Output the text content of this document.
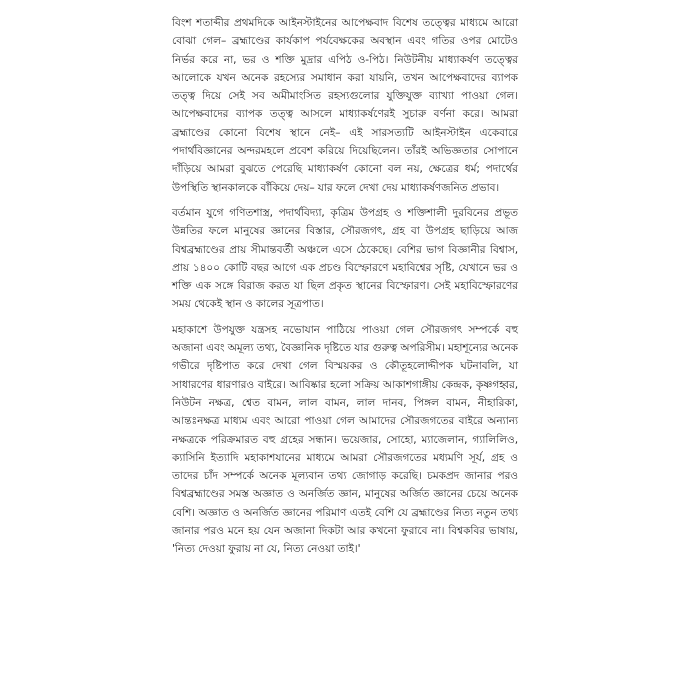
বিংশ শতাব্দীর প্রথমদিকে আইনস্টাইনের আপেক্ষবাদ বিশেষ তত্ত্বের মাধ্যমে আরো বোঝা গেল– ব্রহ্মাণ্ডের কার্যকাপ পর্যবেক্ষকের অবস্থান এবং গতির ওপর মোটেও নির্ভর করে না, ভর ও শক্তি মুদ্রার এপিঠ ও-পিঠ। নিউটনীয় মাধ্যাকর্ষণ তত্ত্বের আলোকে যখন অনেক রহস্যের সমাধান করা যায়নি, তখন আপেক্ষবাদের ব্যাপক তত্ত্ব দিয়ে সেই সব অমীমাংসিত রহস্যগুলোর যুক্তিযুক্ত ব্যাখ্যা পাওয়া গেল। আপেক্ষবাদের ব্যাপক তত্ত্ব আসলে মাধ্যাকর্ষণেরই সুচারু বর্ণনা করে। আমরা ব্রহ্মাণ্ডের কোনো বিশেষ স্থানে নেই– এই সারসত্যটি আইনস্টাইন একেবারে পদার্থবিজ্ঞানের অন্দরমহলে প্রবেশ করিয়ে দিয়েছিলেন। তাঁরই অভিজ্ঞতার সোপানে দাঁড়িয়ে আমরা বুঝতে পেরেছি মাধ্যাকর্ষণ কোনো বল নয়, ক্ষেত্রের ধর্ম; পদার্থের উপস্থিতি স্থানকালকে বাঁকিয়ে দেয়– যার ফলে দেখা দেয় মাধ্যাকর্ষণজনিত প্রভাব।

বর্তমান যুগে গণিতশাস্ত্র, পদার্থবিদ্যা, কৃত্রিম উপগ্রহ ও শক্তিশালী দুরবিনের প্রভূত উন্নতির ফলে মানুষের জ্ঞানের বিস্তার, সৌরজগৎ, গ্রহ বা উপগ্রহ ছাড়িয়ে আজ বিশ্বব্রহ্মাণ্ডের প্রায় সীমান্তবর্তী অঞ্চলে এসে ঠেকেছে। বেশির ভাগ বিজ্ঞানীর বিশ্বাস, প্রায় ১৪০০ কোটি বছর আগে এক প্রচণ্ড বিস্ফোরণে মহাবিশ্বের সৃষ্টি, যেখানে ভর ও শক্তি এক সঙ্গে বিরাজ করত যা ছিল প্রকৃত স্থানের বিস্ফোরণ। সেই মহাবিস্ফোরণের সময় থেকেই স্থান ও কালের সূত্রপাত।

মহাকাশে উপযুক্ত যন্ত্রসহ নভোযান পাঠিয়ে পাওয়া গেল সৌরজগৎ সম্পর্কে বহু অজানা এবং অমূল্য তথ্য, বৈজ্ঞানিক দৃষ্টিতে যার গুরুত্ব অপরিসীম। মহাশূন্যের অনেক গভীরে দৃষ্টিপাত করে দেখা গেল বিস্ময়কর ও কৌতূহলোদ্দীপক ঘটনাবলি, যা সাধারণের ধারণারও বাইরে। আবিষ্কার হলো সক্রিয় আকাশগাঙ্গীয় কেন্দ্রক, কৃষ্ণগহ্বর, নিউটন নক্ষত্র, শ্বেত বামন, লাল বামন, লাল দানব, পিঙ্গল বামন, নীহারিকা, আন্তঃনক্ষত্র মাধ্যম এবং আরো পাওয়া গেল আমাদের সৌরজগতের বাইরে অন্যান্য নক্ষত্রকে পরিক্রমারত বহু গ্রহের সন্ধান। ভয়েজার, সোহো, ম্যাজেলান, গ্যালিলিও, ক্যাসিনি ইত্যাদি মহাকাশযানের মাধ্যমে আমরা সৌরজগতের মধ্যমণি সূর্য, গ্রহ ও তাদের চাঁদ সম্পর্কে অনেক মূল্যবান তথ্য জোগাড় করেছি। চমকপ্রদ জানার পরও বিশ্বব্রহ্মাণ্ডের সমস্ত অজ্ঞাত ও অনর্জিত জ্ঞান, মানুষের অর্জিত জ্ঞানের চেয়ে অনেক বেশি। অজ্ঞাত ও অনর্জিত জ্ঞানের পরিমাণ এতই বেশি যে ব্রহ্মাণ্ডের নিত্য নতুন তথ্য জানার পরও মনে হয় যেন অজানা দিকটা আর কখনো ফুরাবে না। বিশ্বকবির ভাষায়, 'নিত্য দেওয়া ফুরায় না যে, নিত্য নেওয়া তাই।'
